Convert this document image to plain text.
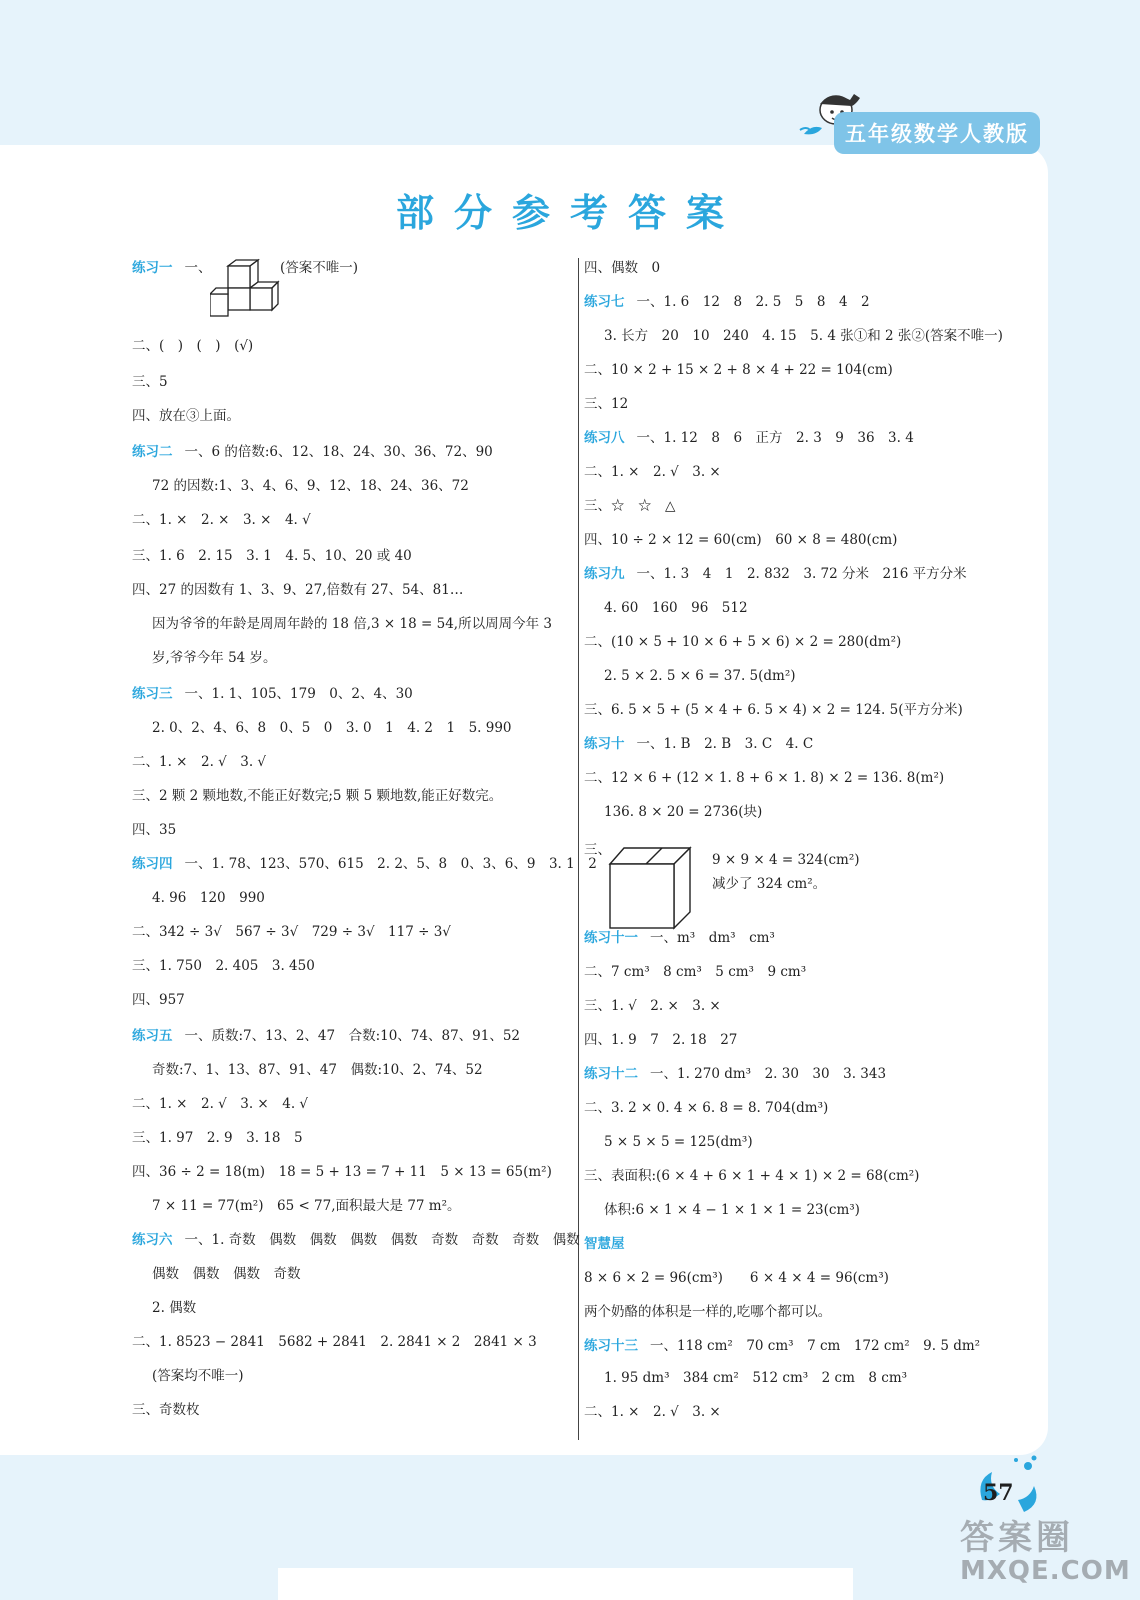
五年级数学人教版
部分参考答案
练习一 一、	(答案不唯一)
二、(　)　(　)　(√)
三、5
四、放在③上面。
练习二 一、6 的倍数:6、12、18、24、30、36、72、90
72 的因数:1、3、4、6、9、12、18、24、36、72
二、1. ×　2. ×　3. ×　4. √
三、1. 6　2. 15　3. 1　4. 5、10、20 或 40
四、27 的因数有 1、3、9、27,倍数有 27、54、81…
因为爷爷的年龄是周周年龄的 18 倍,3 × 18 = 54,所以周周今年 3
岁,爷爷今年 54 岁。
练习三 一、1. 1、105、179　0、2、4、30
2. 0、2、4、6、8　0、5　0　3. 0　1　4. 2　1　5. 990
二、1. ×　2. √　3. √
三、2 颗 2 颗地数,不能正好数完;5 颗 5 颗地数,能正好数完。
四、35
练习四 一、1. 78、123、570、615　2. 2、5、8　0、3、6、9　3. 1　2
4. 96　120　990
二、342 ÷ 3√　567 ÷ 3√　729 ÷ 3√　117 ÷ 3√
三、1. 750　2. 405　3. 450
四、957
练习五 一、质数:7、13、2、47　合数:10、74、87、91、52
奇数:7、1、13、87、91、47　偶数:10、2、74、52
二、1. ×　2. √　3. ×　4. √
三、1. 97　2. 9　3. 18　5
四、36 ÷ 2 = 18(m)　18 = 5 + 13 = 7 + 11　5 × 13 = 65(m²)
7 × 11 = 77(m²)　65 < 77,面积最大是 77 m²。
练习六 一、1. 奇数　偶数　偶数　偶数　偶数　奇数　奇数　奇数　偶数
偶数　偶数　偶数　奇数
2. 偶数
二、1. 8523 − 2841　5682 + 2841　2. 2841 × 2　2841 × 3
(答案均不唯一)
三、奇数枚
四、偶数　0
练习七 一、1. 6　12　8　2. 5　5　8　4　2
3. 长方　20　10　240　4. 15　5. 4 张①和 2 张②(答案不唯一)
二、10 × 2 + 15 × 2 + 8 × 4 + 22 = 104(cm)
三、12
练习八 一、1. 12　8　6　正方　2. 3　9　36　3. 4
二、1. ×　2. √　3. ×
三、☆　☆　△
四、10 ÷ 2 × 12 = 60(cm)　60 × 8 = 480(cm)
练习九 一、1. 3　4　1　2. 832　3. 72 分米　216 平方分米
4. 60　160　96　512
二、(10 × 5 + 10 × 6 + 5 × 6) × 2 = 280(dm²)
2. 5 × 2. 5 × 6 = 37. 5(dm²)
三、6. 5 × 5 + (5 × 4 + 6. 5 × 4) × 2 = 124. 5(平方分米)
练习十 一、1. B　2. B　3. C　4. C
二、12 × 6 + (12 × 1. 8 + 6 × 1. 8) × 2 = 136. 8(m²)
136. 8 × 20 = 2736(块)
三、
9 × 9 × 4 = 324(cm²)
减少了 324 cm²。
练习十一 一、m³　dm³　cm³
二、7 cm³　8 cm³　5 cm³　9 cm³
三、1. √　2. ×　3. ×
四、1. 9　7　2. 18　27
练习十二 一、1. 270 dm³　2. 30　30　3. 343
二、3. 2 × 0. 4 × 6. 8 = 8. 704(dm³)
5 × 5 × 5 = 125(dm³)
三、表面积:(6 × 4 + 6 × 1 + 4 × 1) × 2 = 68(cm²)
体积:6 × 1 × 4 − 1 × 1 × 1 = 23(cm³)
智慧屋
8 × 6 × 2 = 96(cm³)　　6 × 4 × 4 = 96(cm³)
两个奶酪的体积是一样的,吃哪个都可以。
练习十三 一、118 cm²　70 cm³　7 cm　172 cm²　9. 5 dm²
1. 95 dm³　384 cm²　512 cm³　2 cm　8 cm³
二、1. ×　2. √　3. ×
57
答案圈
MXQE.COM
